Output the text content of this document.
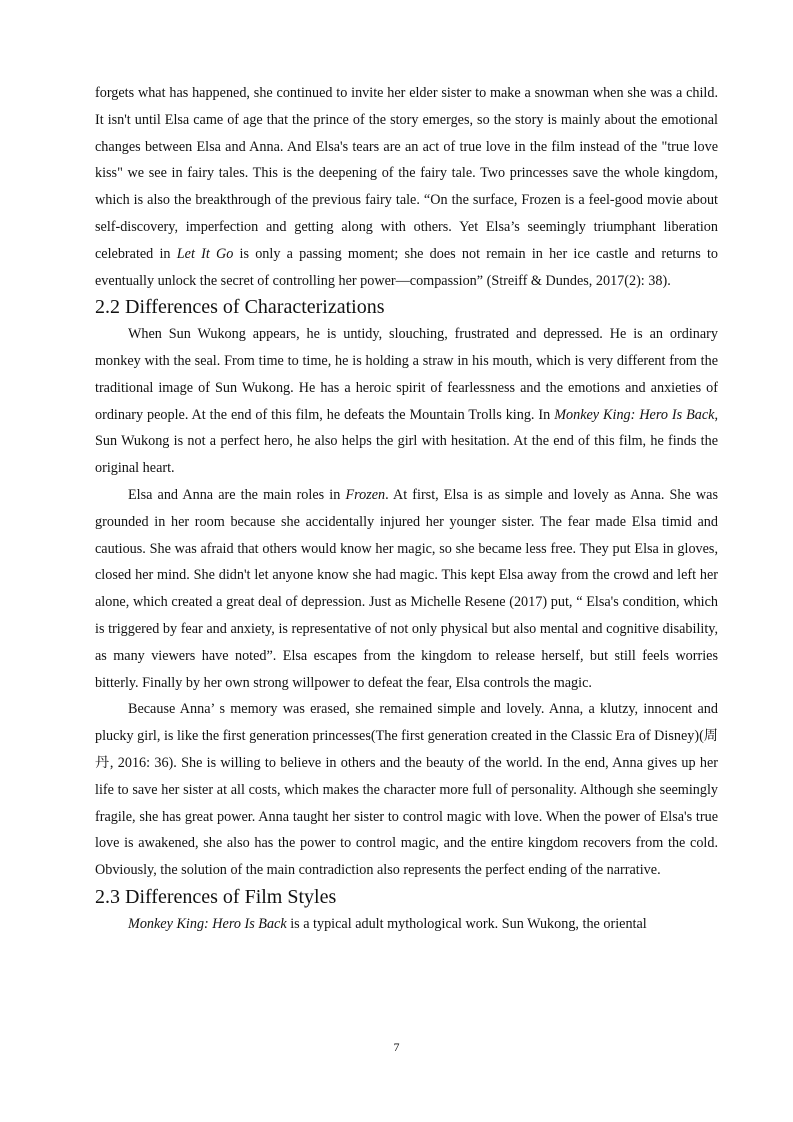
forgets what has happened, she continued to invite her elder sister to make a snowman when she was a child. It isn't until Elsa came of age that the prince of the story emerges, so the story is mainly about the emotional changes between Elsa and Anna. And Elsa's tears are an act of true love in the film instead of the "true love kiss" we see in fairy tales. This is the deepening of the fairy tale. Two princesses save the whole kingdom, which is also the breakthrough of the previous fairy tale. “On the surface, Frozen is a feel-good movie about self-discovery, imperfection and getting along with others. Yet Elsa’s seemingly triumphant liberation celebrated in Let It Go is only a passing moment; she does not remain in her ice castle and returns to eventually unlock the secret of controlling her power—compassion” (Streiff & Dundes, 2017(2): 38).

2.2 Differences of Characterizations

When Sun Wukong appears, he is untidy, slouching, frustrated and depressed. He is an ordinary monkey with the seal. From time to time, he is holding a straw in his mouth, which is very different from the traditional image of Sun Wukong. He has a heroic spirit of fearlessness and the emotions and anxieties of ordinary people. At the end of this film, he defeats the Mountain Trolls king. In Monkey King: Hero Is Back, Sun Wukong is not a perfect hero, he also helps the girl with hesitation. At the end of this film, he finds the original heart.

Elsa and Anna are the main roles in Frozen. At first, Elsa is as simple and lovely as Anna. She was grounded in her room because she accidentally injured her younger sister. The fear made Elsa timid and cautious. She was afraid that others would know her magic, so she became less free. They put Elsa in gloves, closed her mind. She didn't let anyone know she had magic. This kept Elsa away from the crowd and left her alone, which created a great deal of depression. Just as Michelle Resene (2017) put, “ Elsa's condition, which is triggered by fear and anxiety, is representative of not only physical but also mental and cognitive disability, as many viewers have noted”. Elsa escapes from the kingdom to release herself, but still feels worries bitterly. Finally by her own strong willpower to defeat the fear, Elsa controls the magic.

Because Anna’ s memory was erased, she remained simple and lovely. Anna, a klutzy, innocent and plucky girl, is like the first generation princesses(The first generation created in the Classic Era of Disney)(周丹, 2016: 36). She is willing to believe in others and the beauty of the world. In the end, Anna gives up her life to save her sister at all costs, which makes the character more full of personality. Although she seemingly fragile, she has great power. Anna taught her sister to control magic with love. When the power of Elsa's true love is awakened, she also has the power to control magic, and the entire kingdom recovers from the cold. Obviously, the solution of the main contradiction also represents the perfect ending of the narrative.

2.3 Differences of Film Styles

Monkey King: Hero Is Back is a typical adult mythological work. Sun Wukong, the oriental

7
